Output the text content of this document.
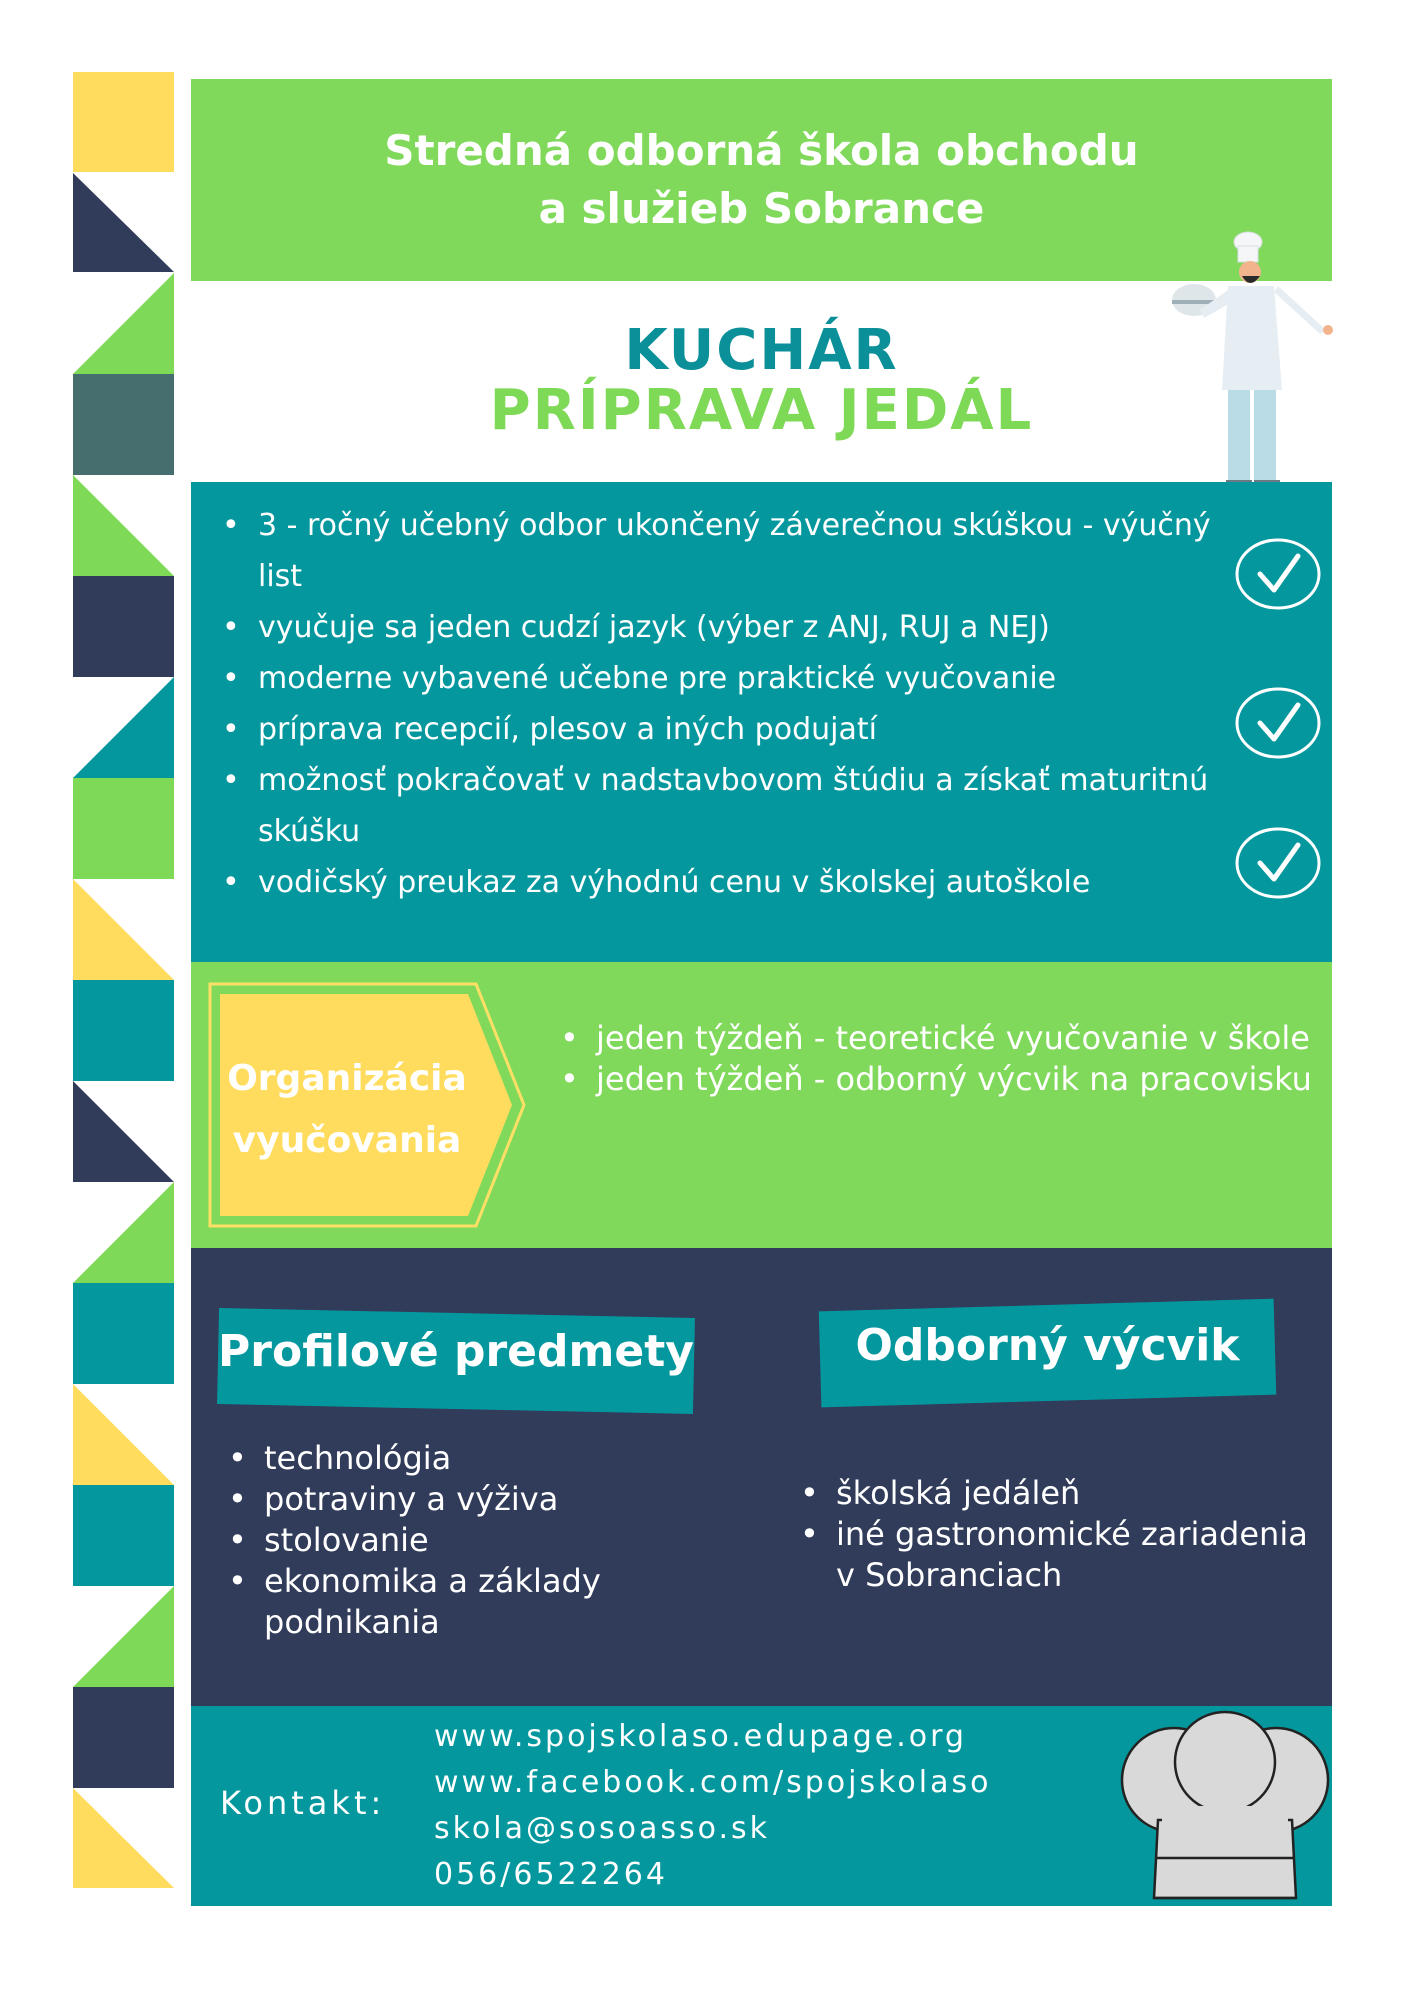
Stredná odborná škola obchodu
a služieb Sobrance
KUCHÁR
PRÍPRAVA JEDÁL
• 3 - ročný učebný odbor ukončený záverečnou skúškou - výučný list
• vyučuje sa jeden cudzí jazyk (výber z ANJ, RUJ a NEJ)
• moderne vybavené učebne pre praktické vyučovanie
• príprava recepcií, plesov a iných podujatí
• možnosť pokračovať v nadstavbovom štúdiu a získať maturitnú skúšku
• vodičský preukaz za výhodnú cenu v školskej autoškole
Organizácia
vyučovania
• jeden týždeň - teoretické vyučovanie v škole
• jeden týždeň - odborný výcvik na pracovisku
Profilové predmety	Odborný výcvik
• technológia
• potraviny a výživa
• stolovanie
• ekonomika a základy podnikania
• školská jedáleň
• iné gastronomické zariadenia v Sobranciach
Kontakt:
www.spojskolaso.edupage.org
www.facebook.com/spojskolaso
skola@sosoasso.sk
056/6522264
